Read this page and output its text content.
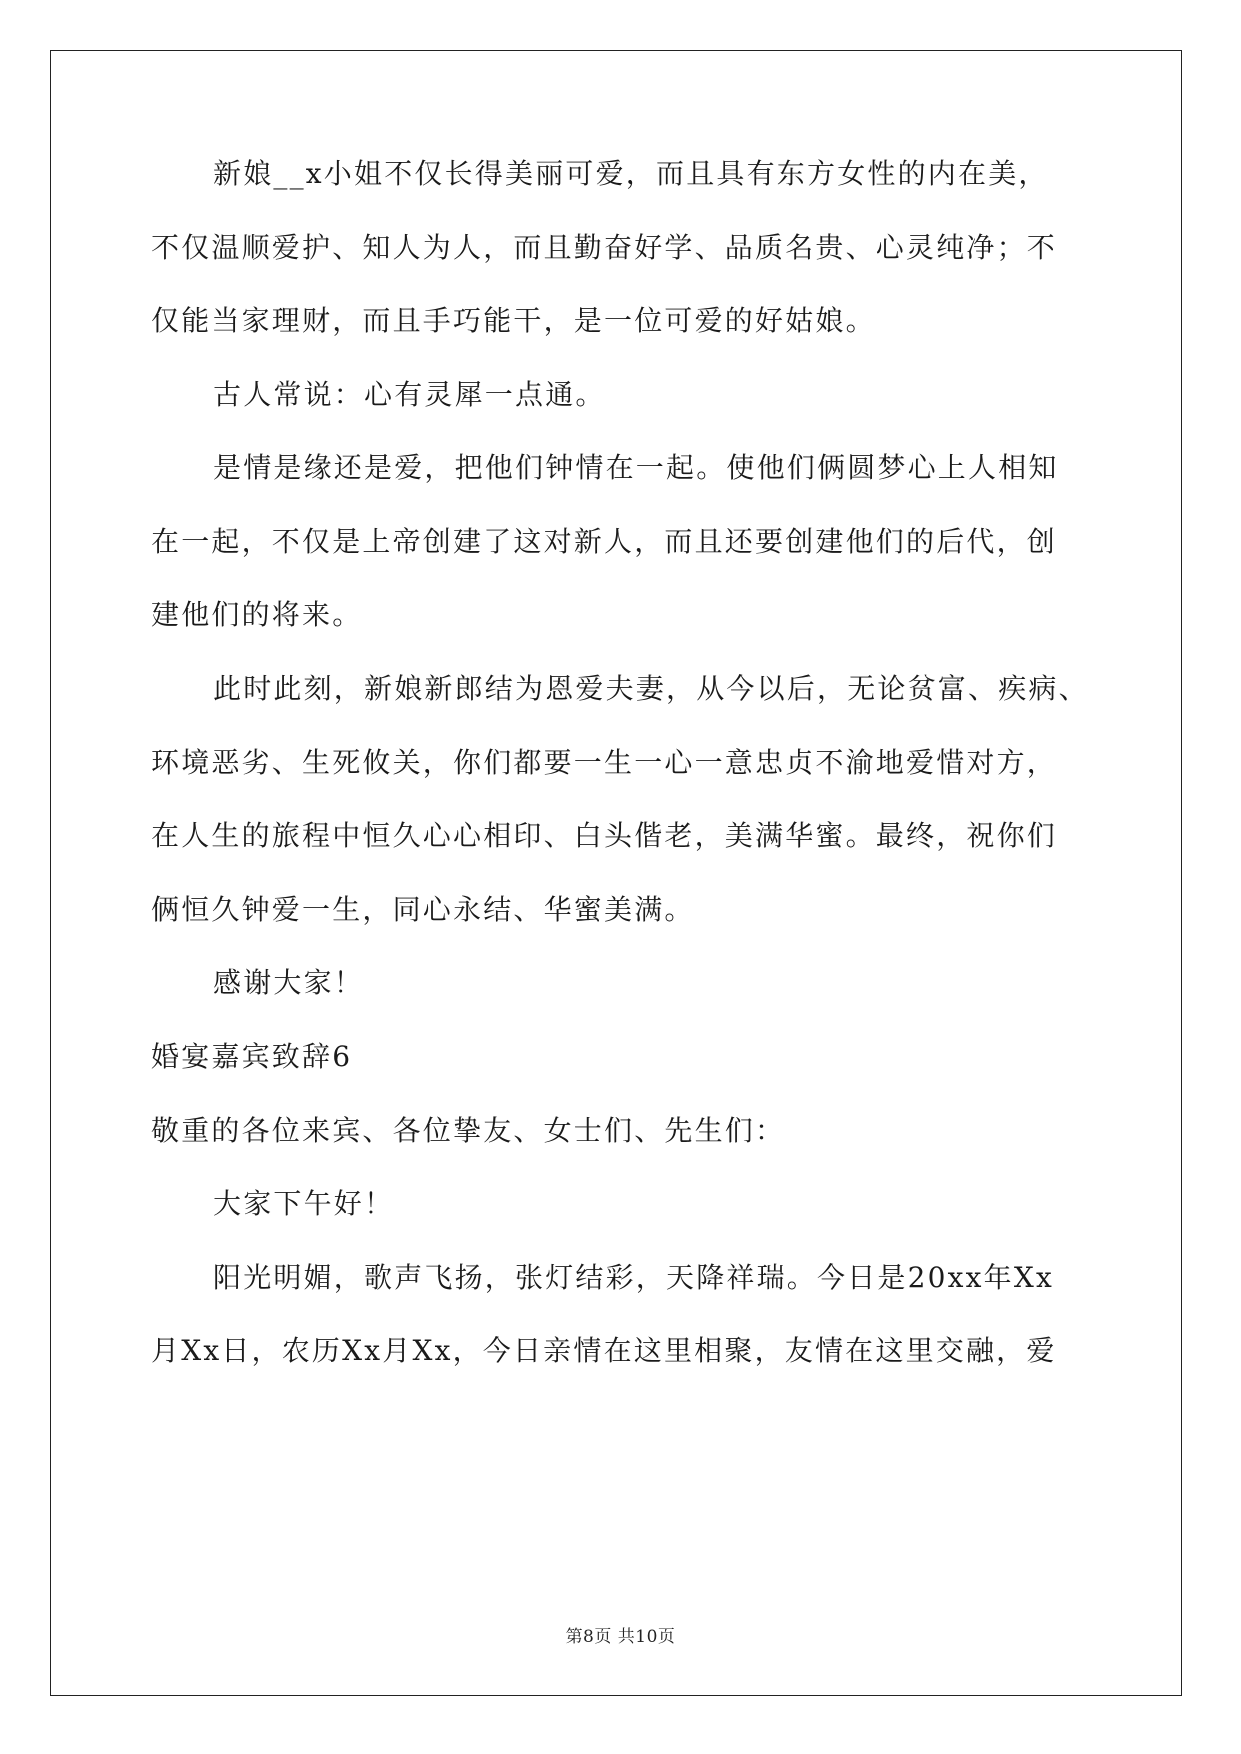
新娘__x小姐不仅长得美丽可爱，而且具有东方女性的内在美，
不仅温顺爱护、知人为人，而且勤奋好学、品质名贵、心灵纯净；不
仅能当家理财，而且手巧能干，是一位可爱的好姑娘。
古人常说：心有灵犀一点通。
是情是缘还是爱，把他们钟情在一起。使他们俩圆梦心上人相知
在一起，不仅是上帝创建了这对新人，而且还要创建他们的后代，创
建他们的将来。
此时此刻，新娘新郎结为恩爱夫妻，从今以后，无论贫富、疾病、
环境恶劣、生死攸关，你们都要一生一心一意忠贞不渝地爱惜对方，
在人生的旅程中恒久心心相印、白头偕老，美满华蜜。最终，祝你们
俩恒久钟爱一生，同心永结、华蜜美满。
感谢大家！
婚宴嘉宾致辞6
敬重的各位来宾、各位挚友、女士们、先生们：
大家下午好！
阳光明媚，歌声飞扬，张灯结彩，天降祥瑞。今日是20xx年Xx
月Xx日，农历Xx月Xx，今日亲情在这里相聚，友情在这里交融，爱
第8页 共10页
